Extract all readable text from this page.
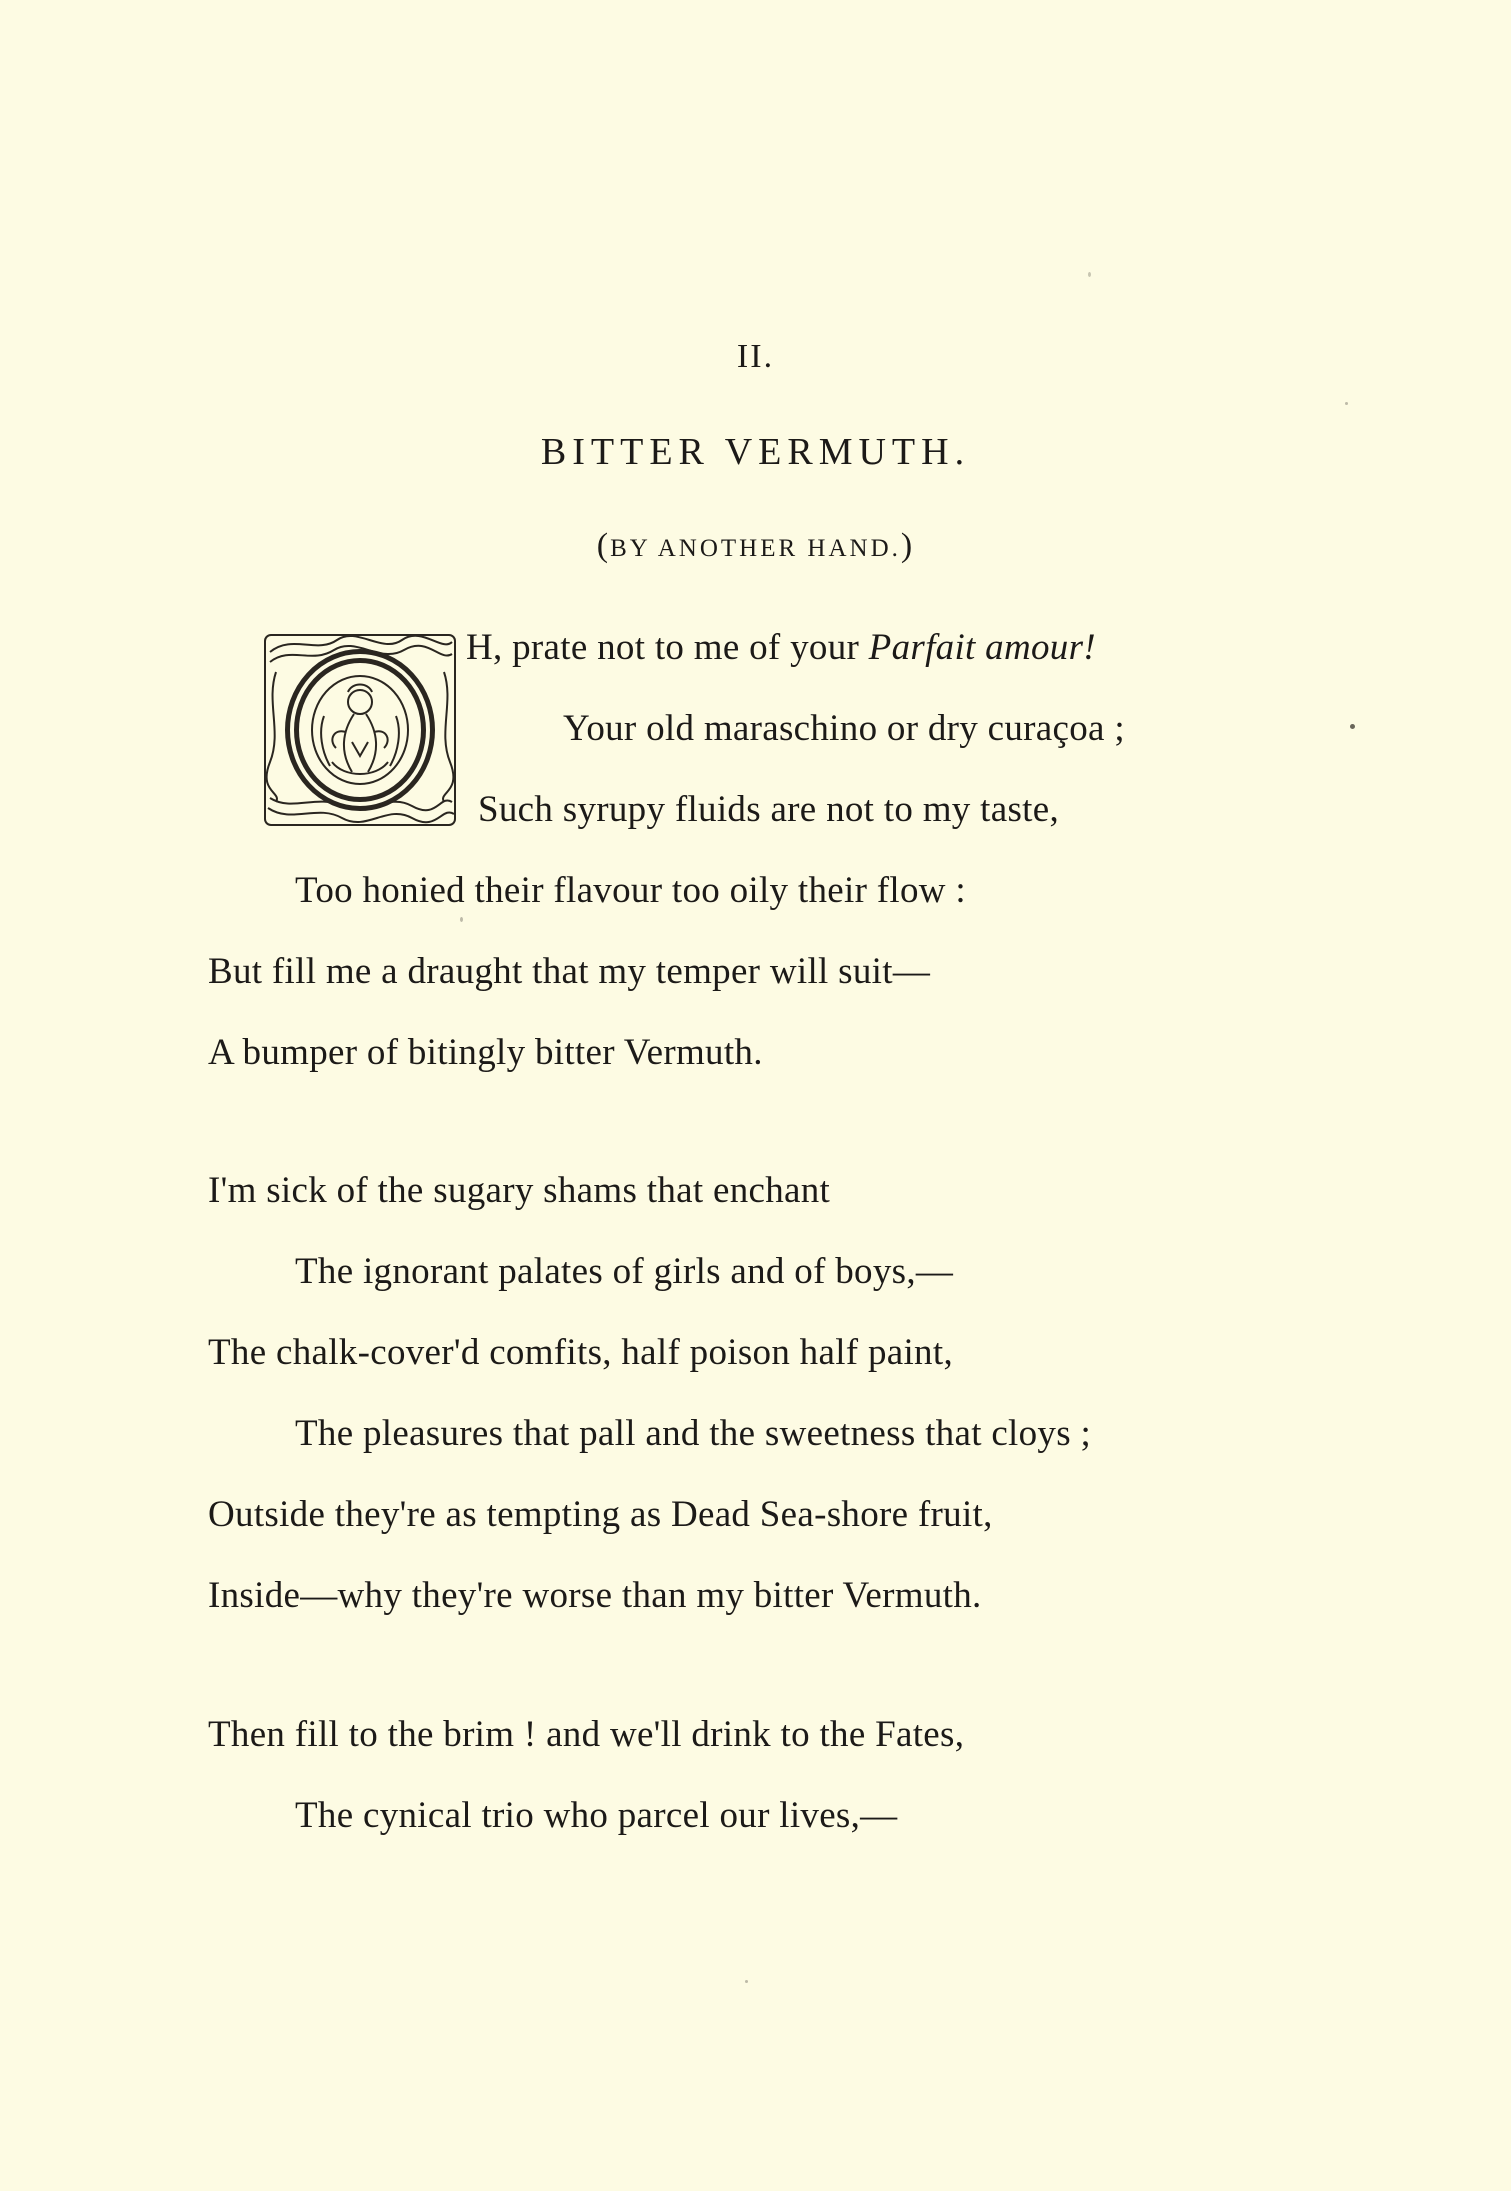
II.
BITTER VERMUTH.
(BY ANOTHER HAND.)
H, prate not to me of your Parfait amour!
Your old maraschino or dry curaçoa ;
Such syrupy fluids are not to my taste,
Too honied their flavour too oily their flow :
But fill me a draught that my temper will suit—
A bumper of bitingly bitter Vermuth.
I'm sick of the sugary shams that enchant
The ignorant palates of girls and of boys,—
The chalk-cover'd comfits, half poison half paint,
The pleasures that pall and the sweetness that cloys ;
Outside they're as tempting as Dead Sea-shore fruit,
Inside—why they're worse than my bitter Vermuth.
Then fill to the brim ! and we'll drink to the Fates,
The cynical trio who parcel our lives,—
